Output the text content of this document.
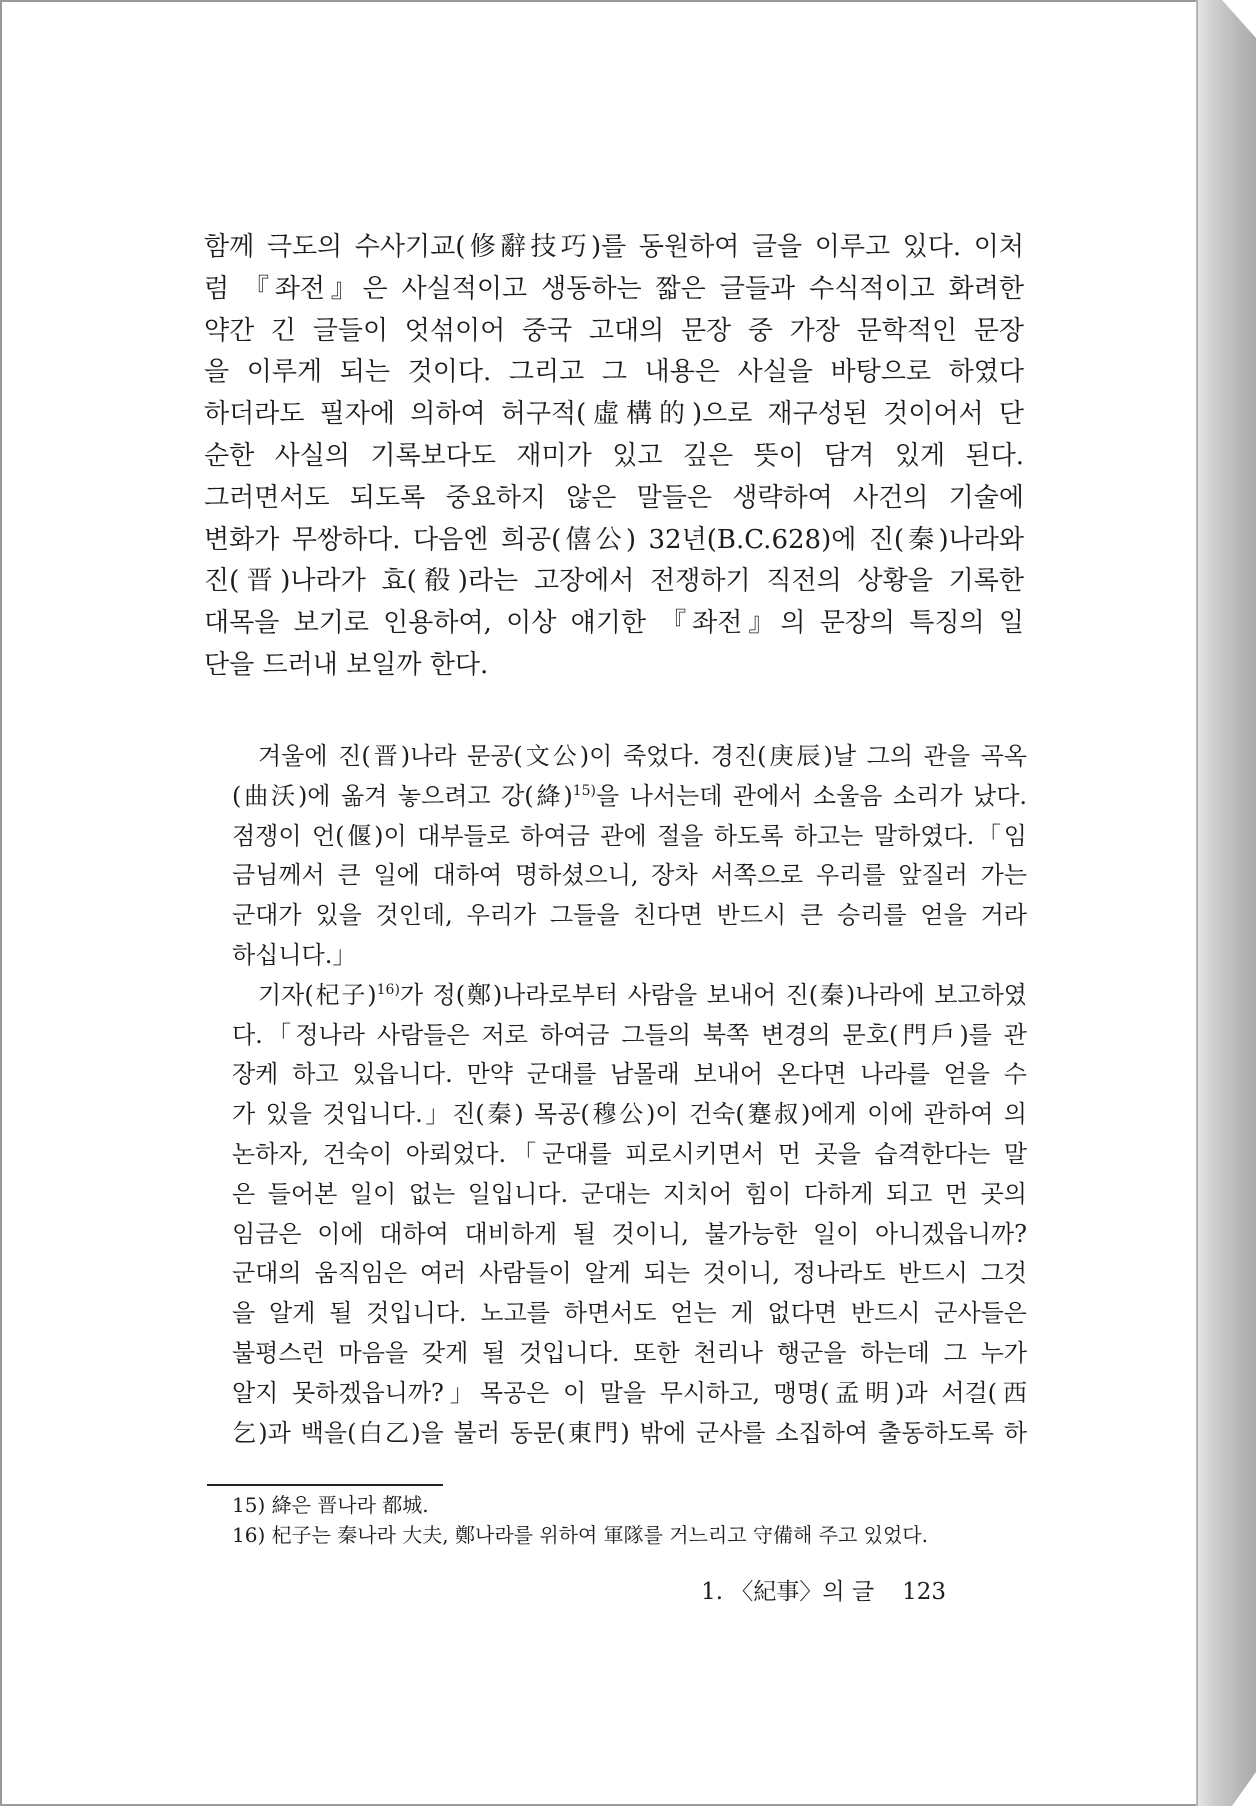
함께 극도의 수사기교(修辭技巧)를 동원하여 글을 이루고 있다. 이처
럼 『좌전』은 사실적이고 생동하는 짧은 글들과 수식적이고 화려한
약간 긴 글들이 엇섞이어 중국 고대의 문장 중 가장 문학적인 문장
을 이루게 되는 것이다. 그리고 그 내용은 사실을 바탕으로 하였다
하더라도 필자에 의하여 허구적(虛構的)으로 재구성된 것이어서 단
순한 사실의 기록보다도 재미가 있고 깊은 뜻이 담겨 있게 된다.
그러면서도 되도록 중요하지 않은 말들은 생략하여 사건의 기술에
변화가 무쌍하다. 다음엔 희공(僖公) 32년(B.C.628)에 진(秦)나라와
진(晋)나라가 효(殽)라는 고장에서 전쟁하기 직전의 상황을 기록한
대목을 보기로 인용하여, 이상 얘기한 『좌전』의 문장의 특징의 일
단을 드러내 보일까 한다.
겨울에 진(晋)나라 문공(文公)이 죽었다. 경진(庚辰)날 그의 관을 곡옥
(曲沃)에 옮겨 놓으려고 강(絳)$^{15)}$을 나서는데 관에서 소울음 소리가 났다.
점쟁이 언(偃)이 대부들로 하여금 관에 절을 하도록 하고는 말하였다.「임
금님께서 큰 일에 대하여 명하셨으니, 장차 서쪽으로 우리를 앞질러 가는
군대가 있을 것인데, 우리가 그들을 친다면 반드시 큰 승리를 얻을 거라
하십니다.」
기자(杞子)$^{16)}$가 정(鄭)나라로부터 사람을 보내어 진(秦)나라에 보고하였
다.「정나라 사람들은 저로 하여금 그들의 북쪽 변경의 문호(門戶)를 관
장케 하고 있읍니다. 만약 군대를 남몰래 보내어 온다면 나라를 얻을 수
가 있을 것입니다.」진(秦) 목공(穆公)이 건숙(蹇叔)에게 이에 관하여 의
논하자, 건숙이 아뢰었다.「군대를 피로시키면서 먼 곳을 습격한다는 말
은 들어본 일이 없는 일입니다. 군대는 지치어 힘이 다하게 되고 먼 곳의
임금은 이에 대하여 대비하게 될 것이니, 불가능한 일이 아니겠읍니까?
군대의 움직임은 여러 사람들이 알게 되는 것이니, 정나라도 반드시 그것
을 알게 될 것입니다. 노고를 하면서도 얻는 게 없다면 반드시 군사들은
불평스런 마음을 갖게 될 것입니다. 또한 천리나 행군을 하는데 그 누가
알지 못하겠읍니까?」목공은 이 말을 무시하고, 맹명(孟明)과 서걸(西
乞)과 백을(白乙)을 불러 동문(東門) 밖에 군사를 소집하여 출동하도록 하
15) 絳은 晋나라 都城.
16) 杞子는 秦나라 大夫, 鄭나라를 위하여 軍隊를 거느리고 守備해 주고 있었다.
1. 〈紀事〉의 글 123
